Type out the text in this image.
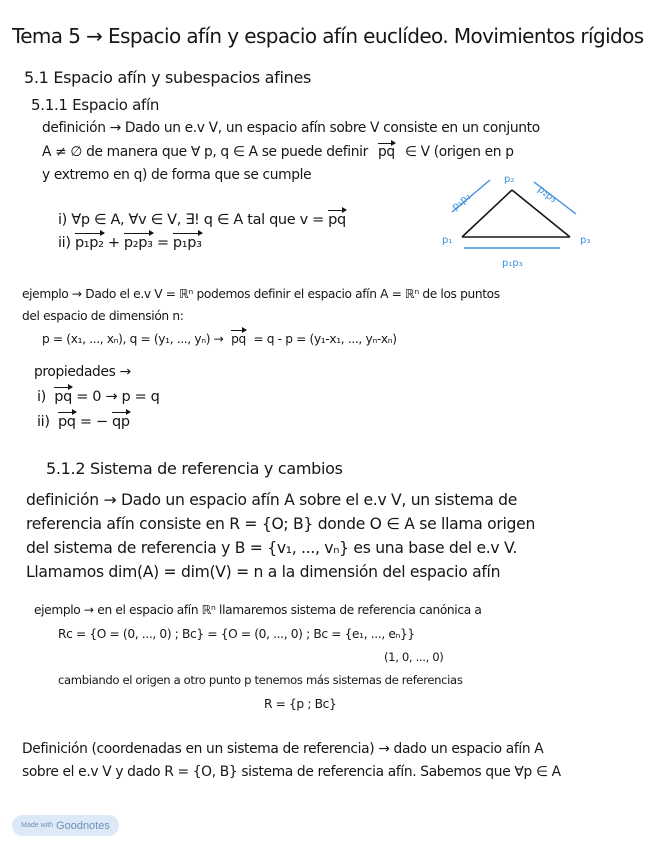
Tema 5 → Espacio afín y espacio afín euclídeo. Movimientos rígidos
5.1 Espacio afín y subespacios afines
5.1.1 Espacio afín
definición → Dado un e.v V, un espacio afín sobre V consiste en un conjunto
A ≠ ∅ de manera que ∀ p, q ∈ A se puede definir pq ∈ V (origen en p
y extremo en q) de forma que se cumple
i) ∀p ∈ A, ∀v ∈ V, ∃! q ∈ A tal que v = pq
ii) p₁p₂ + p₂p₃ = p₁p₃	p₁
p₂
p₃
p₁p₂	p₂p₃
p₁p₃
ejemplo → Dado el e.v V = ℝⁿ podemos definir el espacio afín A = ℝⁿ de los puntos
del espacio de dimensión n:
p = (x₁, ..., xₙ), q = (y₁, ..., yₙ) → pq = q - p = (y₁-x₁, ..., yₙ-xₙ)
propiedades →
i) pq = 0 → p = q
ii) pq = − qp
5.1.2 Sistema de referencia y cambios
definición → Dado un espacio afín A sobre el e.v V, un sistema de
referencia afín consiste en R = {O; B} donde O ∈ A se llama origen
del sistema de referencia y B = {v₁, ..., vₙ} es una base del e.v V.
Llamamos dim(A) = dim(V) = n a la dimensión del espacio afín
ejemplo → en el espacio afín ℝⁿ llamaremos sistema de referencia canónica a
Rc = {O = (0, ..., 0) ; Bc} = {O = (0, ..., 0) ; Bc = {e₁, ..., eₙ}}
(1, 0, ..., 0)
cambiando el origen a otro punto p tenemos más sistemas de referencias
R = {p ; Bc}
Definición (coordenadas en un sistema de referencia) → dado un espacio afín A
sobre el e.v V y dado R = {O, B} sistema de referencia afín. Sabemos que ∀p ∈ A
Made with Goodnotes
